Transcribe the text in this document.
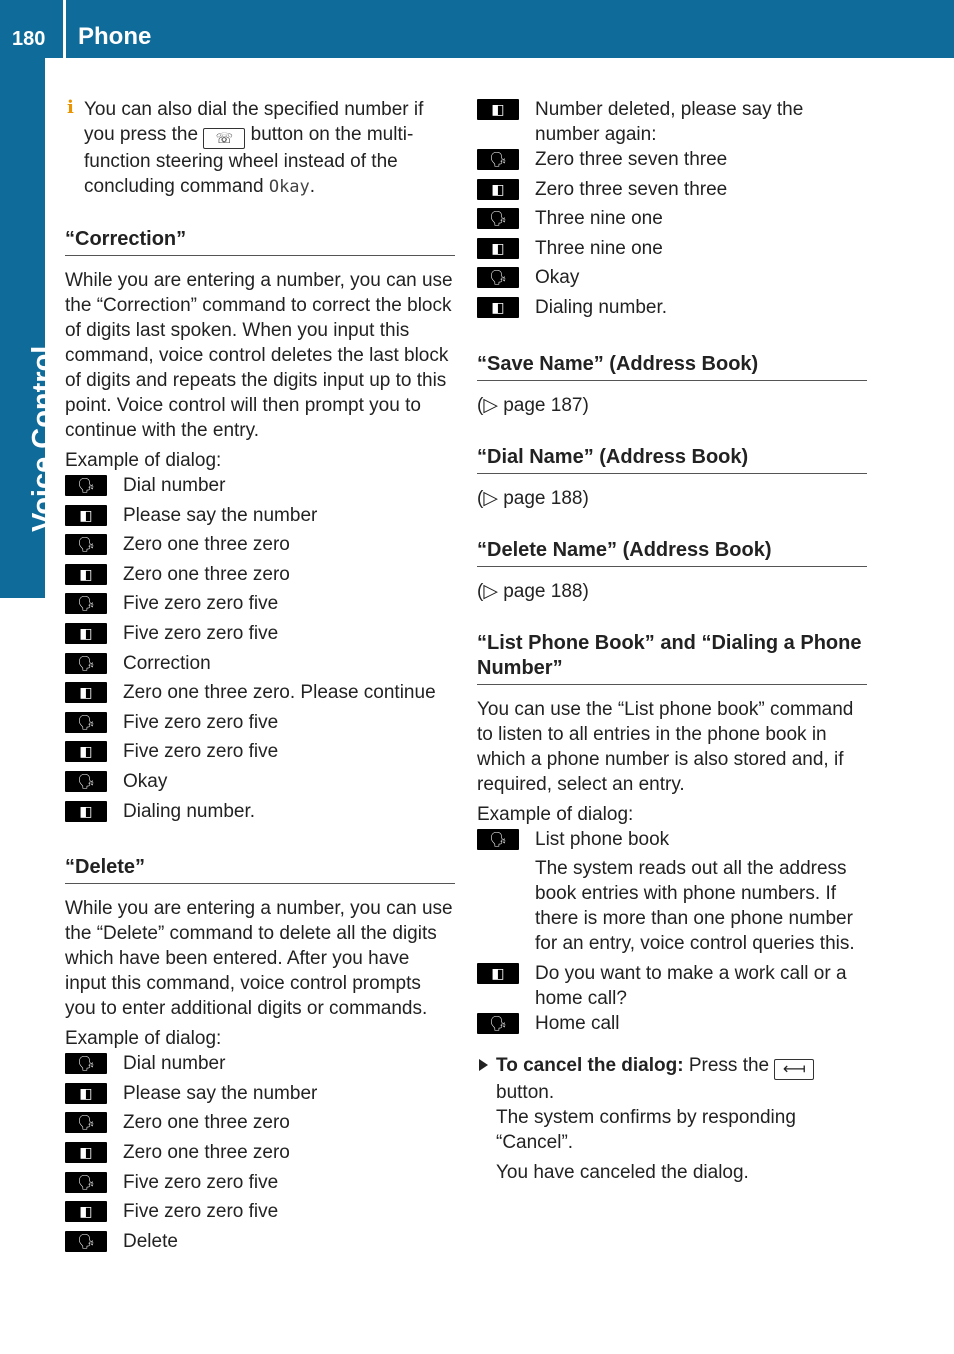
180 Phone
Voice Control

i You can also dial the specified number if you press the ☏ button on the multi-function steering wheel instead of the concluding command Okay.

“Correction”

While you are entering a number, you can use the “Correction” command to correct the block of digits last spoken. When you input this command, voice control deletes the last block of digits and repeats the digits input up to this point. Voice control will then prompt you to continue with the entry.

Example of dialog:

🗣	Dial number
◧	Please say the number
🗣	Zero one three zero
◧	Zero one three zero
🗣	Five zero zero five
◧	Five zero zero five
🗣	Correction
◧	Zero one three zero. Please continue
🗣	Five zero zero five
◧	Five zero zero five
🗣	Okay
◧	Dialing number.
“Delete”

While you are entering a number, you can use the “Delete” command to delete all the digits which have been entered. After you have input this command, voice control prompts you to enter additional digits or commands.

Example of dialog:

🗣	Dial number
◧	Please say the number
🗣	Zero one three zero
◧	Zero one three zero
🗣	Five zero zero five
◧	Five zero zero five
🗣	Delete
◧	Number deleted, please say the number again:
🗣	Zero three seven three
◧	Zero three seven three
🗣	Three nine one
◧	Three nine one
🗣	Okay
◧	Dialing number.
“Save Name” (Address Book)

(▷ page 187)

“Dial Name” (Address Book)

(▷ page 188)

“Delete Name” (Address Book)

(▷ page 188)

“List Phone Book” and “Dialing a Phone Number”

You can use the “List phone book” command to listen to all entries in the phone book in which a phone number is also stored and, if required, select an entry.

Example of dialog:

🗣	List phone book
The system reads out all the address book entries with phone numbers. If there is more than one phone number for an entry, voice control queries this.
◧	Do you want to make a work call or a home call?
🗣	Home call

To cancel the dialog: Press the ⟻ button.

The system confirms by responding “Cancel”.

You have canceled the dialog.
